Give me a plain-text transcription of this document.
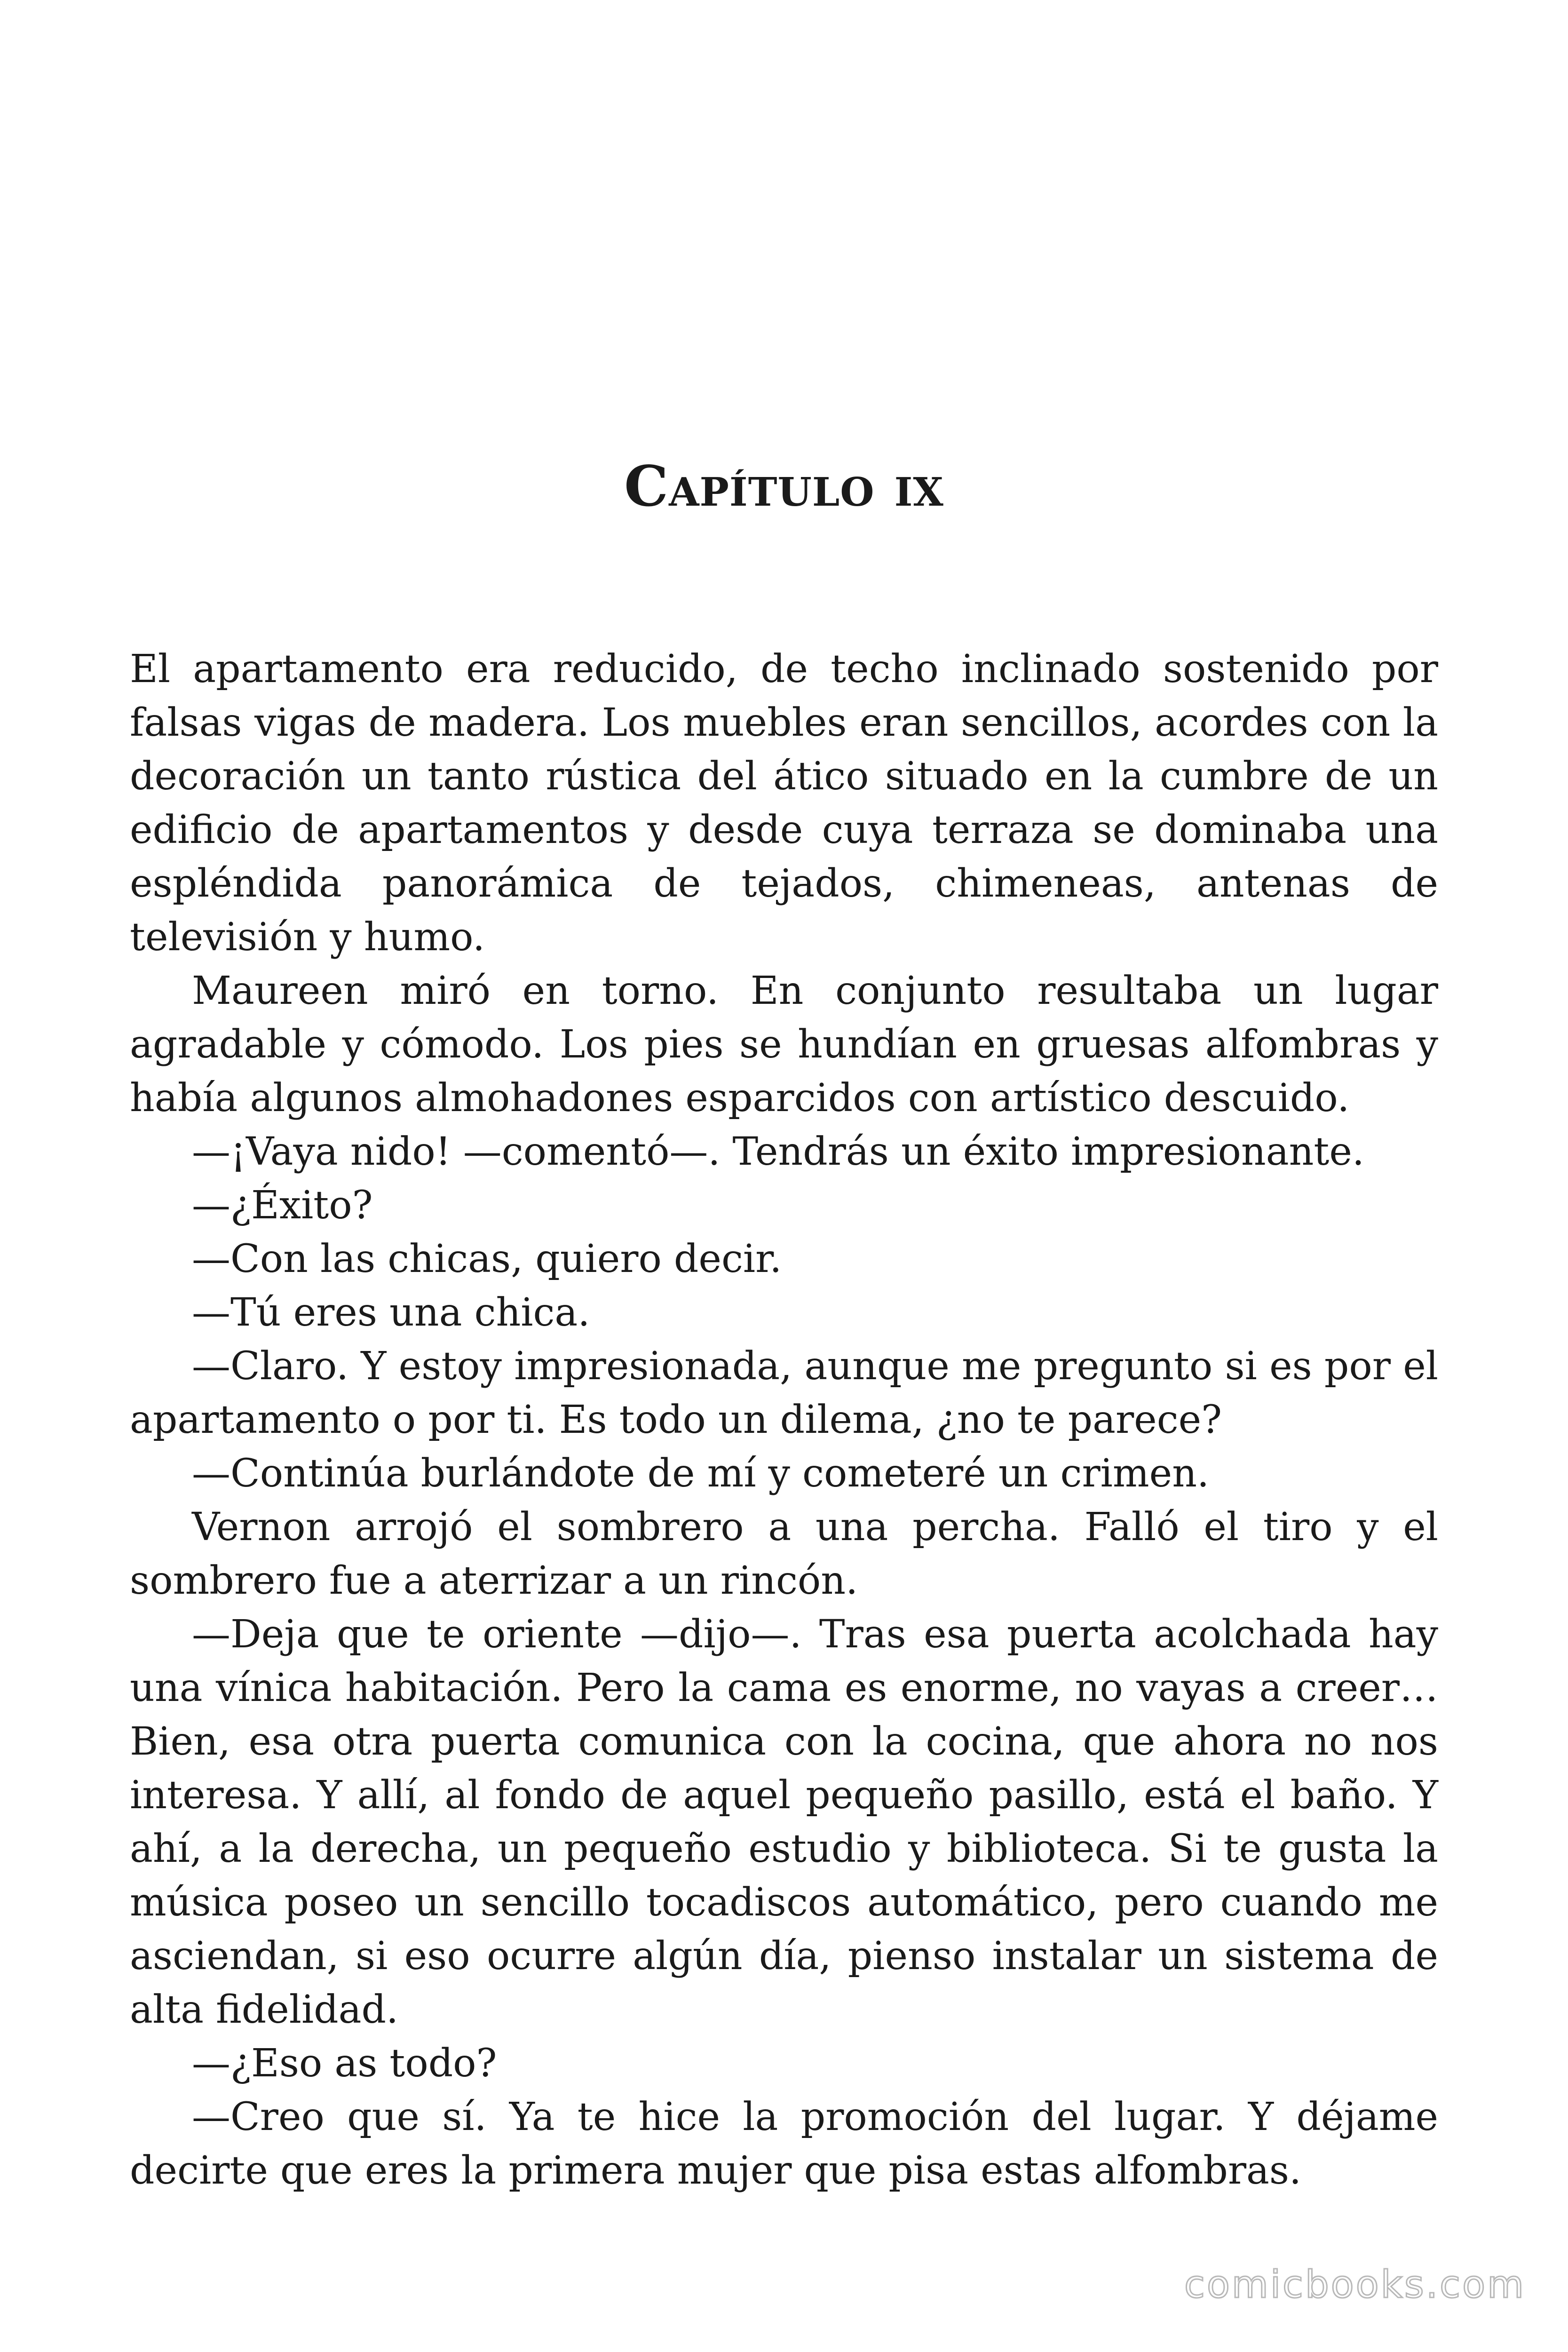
Capítulo ix

El apartamento era reducido, de techo inclinado sostenido por falsas vigas de madera. Los muebles eran sencillos, acordes con la decoración un tanto rústica del ático situado en la cumbre de un edificio de apartamentos y desde cuya terraza se dominaba una espléndida panorámica de tejados, chimeneas, antenas de televisión y humo.

Maureen miró en torno. En conjunto resultaba un lugar agradable y cómodo. Los pies se hundían en gruesas alfombras y había algunos almohadones esparcidos con artístico descuido.

—¡Vaya nido! —comentó—. Tendrás un éxito impresionante.

—¿Éxito?

—Con las chicas, quiero decir.

—Tú eres una chica.

—Claro. Y estoy impresionada, aunque me pregunto si es por el apartamento o por ti. Es todo un dilema, ¿no te parece?

—Continúa burlándote de mí y cometeré un crimen.

Vernon arrojó el sombrero a una percha. Falló el tiro y el sombrero fue a aterrizar a un rincón.

—Deja que te oriente —dijo—. Tras esa puerta acolchada hay una vínica habitación. Pero la cama es enorme, no vayas a creer… Bien, esa otra puerta comunica con la cocina, que ahora no nos interesa. Y allí, al fondo de aquel pequeño pasillo, está el baño. Y ahí, a la derecha, un pequeño estudio y biblioteca. Si te gusta la música poseo un sencillo tocadiscos automático, pero cuando me asciendan, si eso ocurre algún día, pienso instalar un sistema de alta fidelidad.

—¿Eso as todo?

—Creo que sí. Ya te hice la promoción del lugar. Y déjame decirte que eres la primera mujer que pisa estas alfombras.

comicbooks.com
